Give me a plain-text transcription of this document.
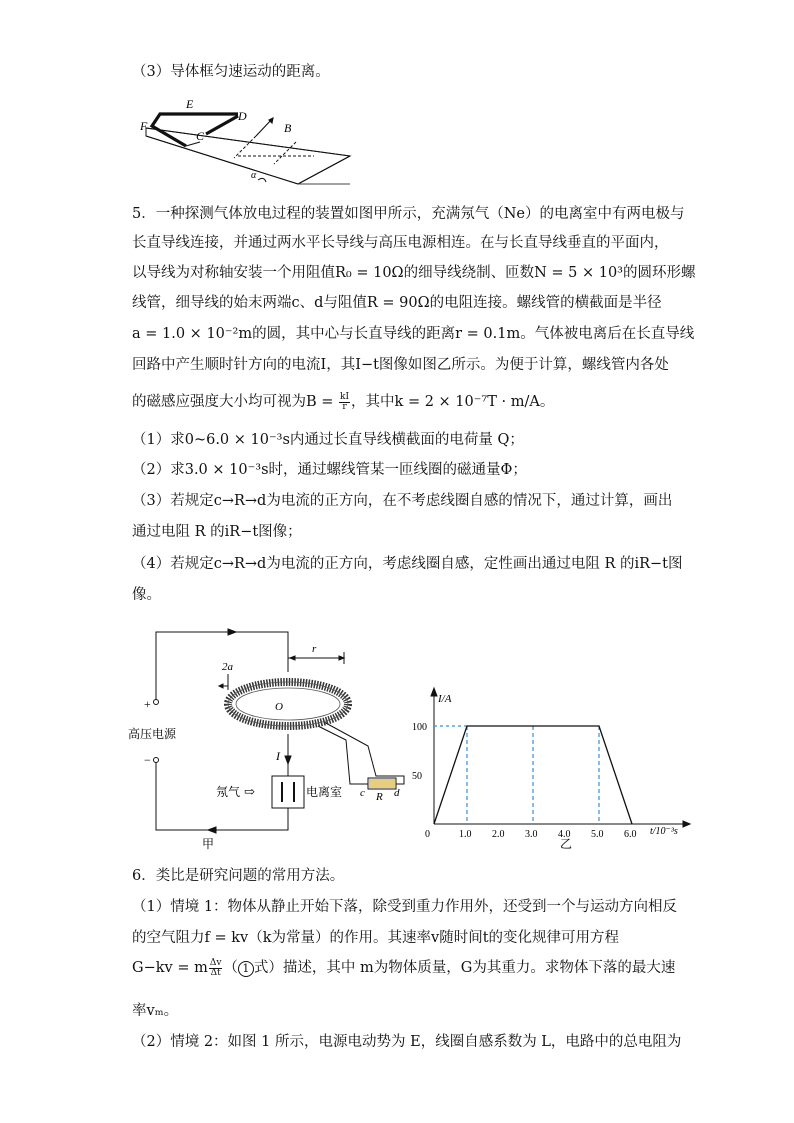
（3）导体框匀速运动的距离。
E
D
F
C
B
α
5．一种探测气体放电过程的装置如图甲所示，充满氖气（Ne）的电离室中有两电极与
长直导线连接，并通过两水平长导线与高压电源相连。在与长直导线垂直的平面内，
以导线为对称轴安装一个用阻值R₀ = 10Ω的细导线绕制、匝数N = 5 × 10³的圆环形螺
线管，细导线的始末两端c、d与阻值R = 90Ω的电阻连接。螺线管的横截面是半径
a = 1.0 × 10⁻²m的圆，其中心与长直导线的距离r = 0.1m。气体被电离后在长直导线
回路中产生顺时针方向的电流I，其I−t图像如图乙所示。为便于计算，螺线管内各处
的磁感应强度大小均可视为$B = \frac{kI}{r}$ ，其中k = 2 × 10⁻⁷T · m/A。
（1）求0~6.0 × 10⁻³s内通过长直导线横截面的电荷量 Q；
（2）求3.0 × 10⁻³s时，通过螺线管某一匝线圈的磁通量Φ；
（3）若规定c→R→d为电流的正方向，在不考虑线圈自感的情况下，通过计算，画出
通过电阻 R 的iR−t图像；
（4）若规定c→R→d为电流的正方向，考虑线圈自感，定性画出通过电阻 R 的iR−t图
像。
+
−
高压电源
2a
r
O
I
氖气 ⇨	电离室 c R d
甲
0	1.0 2.0 3.0 4.0 5.0 6.0
50
100
I/A
t/10⁻³s
乙
6．类比是研究问题的常用方法。
（1）情境 1：物体从静止开始下落，除受到重力作用外，还受到一个与运动方向相反
的空气阻力f = kv（k为常量）的作用。其速率v随时间t的变化规律可用方程
G−kv = m $\frac{\Delta v}{\Delta t}$ （ 1 式）描述，其中 m为物体质量，G为其重力。求物体下落的最大速
率vₘ。
（2）情境 2：如图 1 所示，电源电动势为 E，线圈自感系数为 L，电路中的总电阻为
